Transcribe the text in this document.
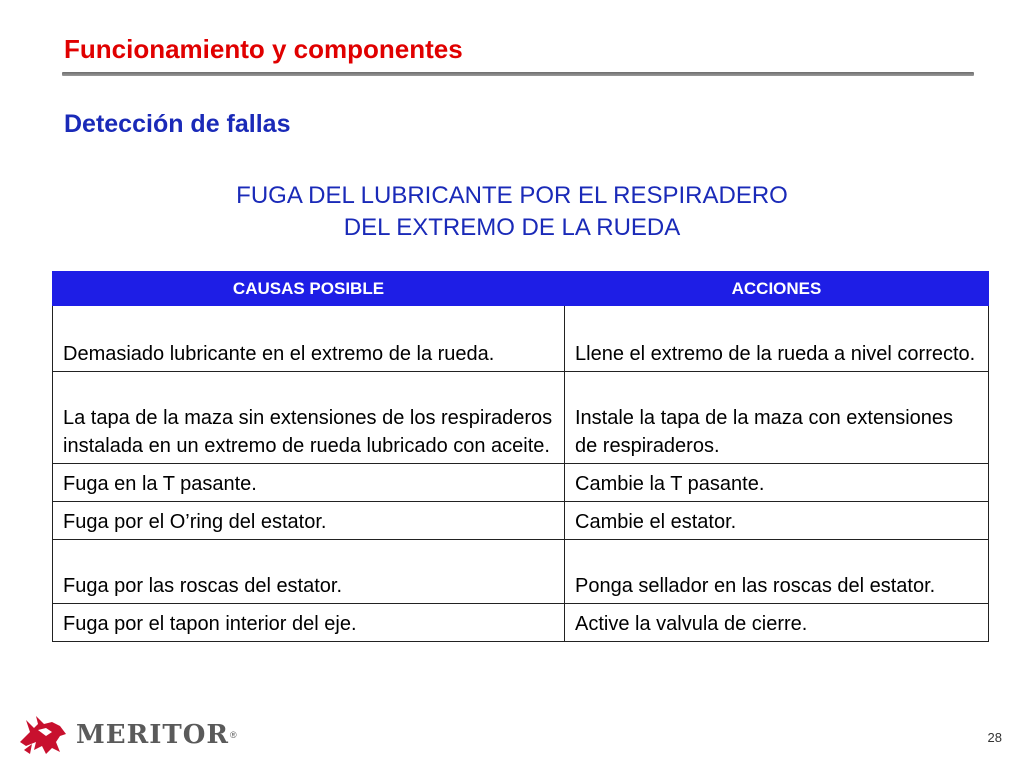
Funcionamiento y componentes
Detección de fallas
FUGA DEL LUBRICANTE POR EL RESPIRADERO
DEL EXTREMO DE LA RUEDA
CAUSAS POSIBLE	ACCIONES
Demasiado lubricante en el extremo de la rueda.	Llene el extremo de la rueda a nivel correcto.
La tapa de la maza sin extensiones de los respiraderos instalada en un extremo de rueda lubricado con aceite.	Instale la tapa de la maza con extensiones de respiraderos.
Fuga en la T pasante.	Cambie la T pasante.
Fuga por el O’ring del estator.	Cambie el estator.
Fuga por las roscas del estator.	Ponga sellador en las roscas del estator.
Fuga por el tapon interior del eje.	Active la valvula de cierre.
MERITOR ®	28
